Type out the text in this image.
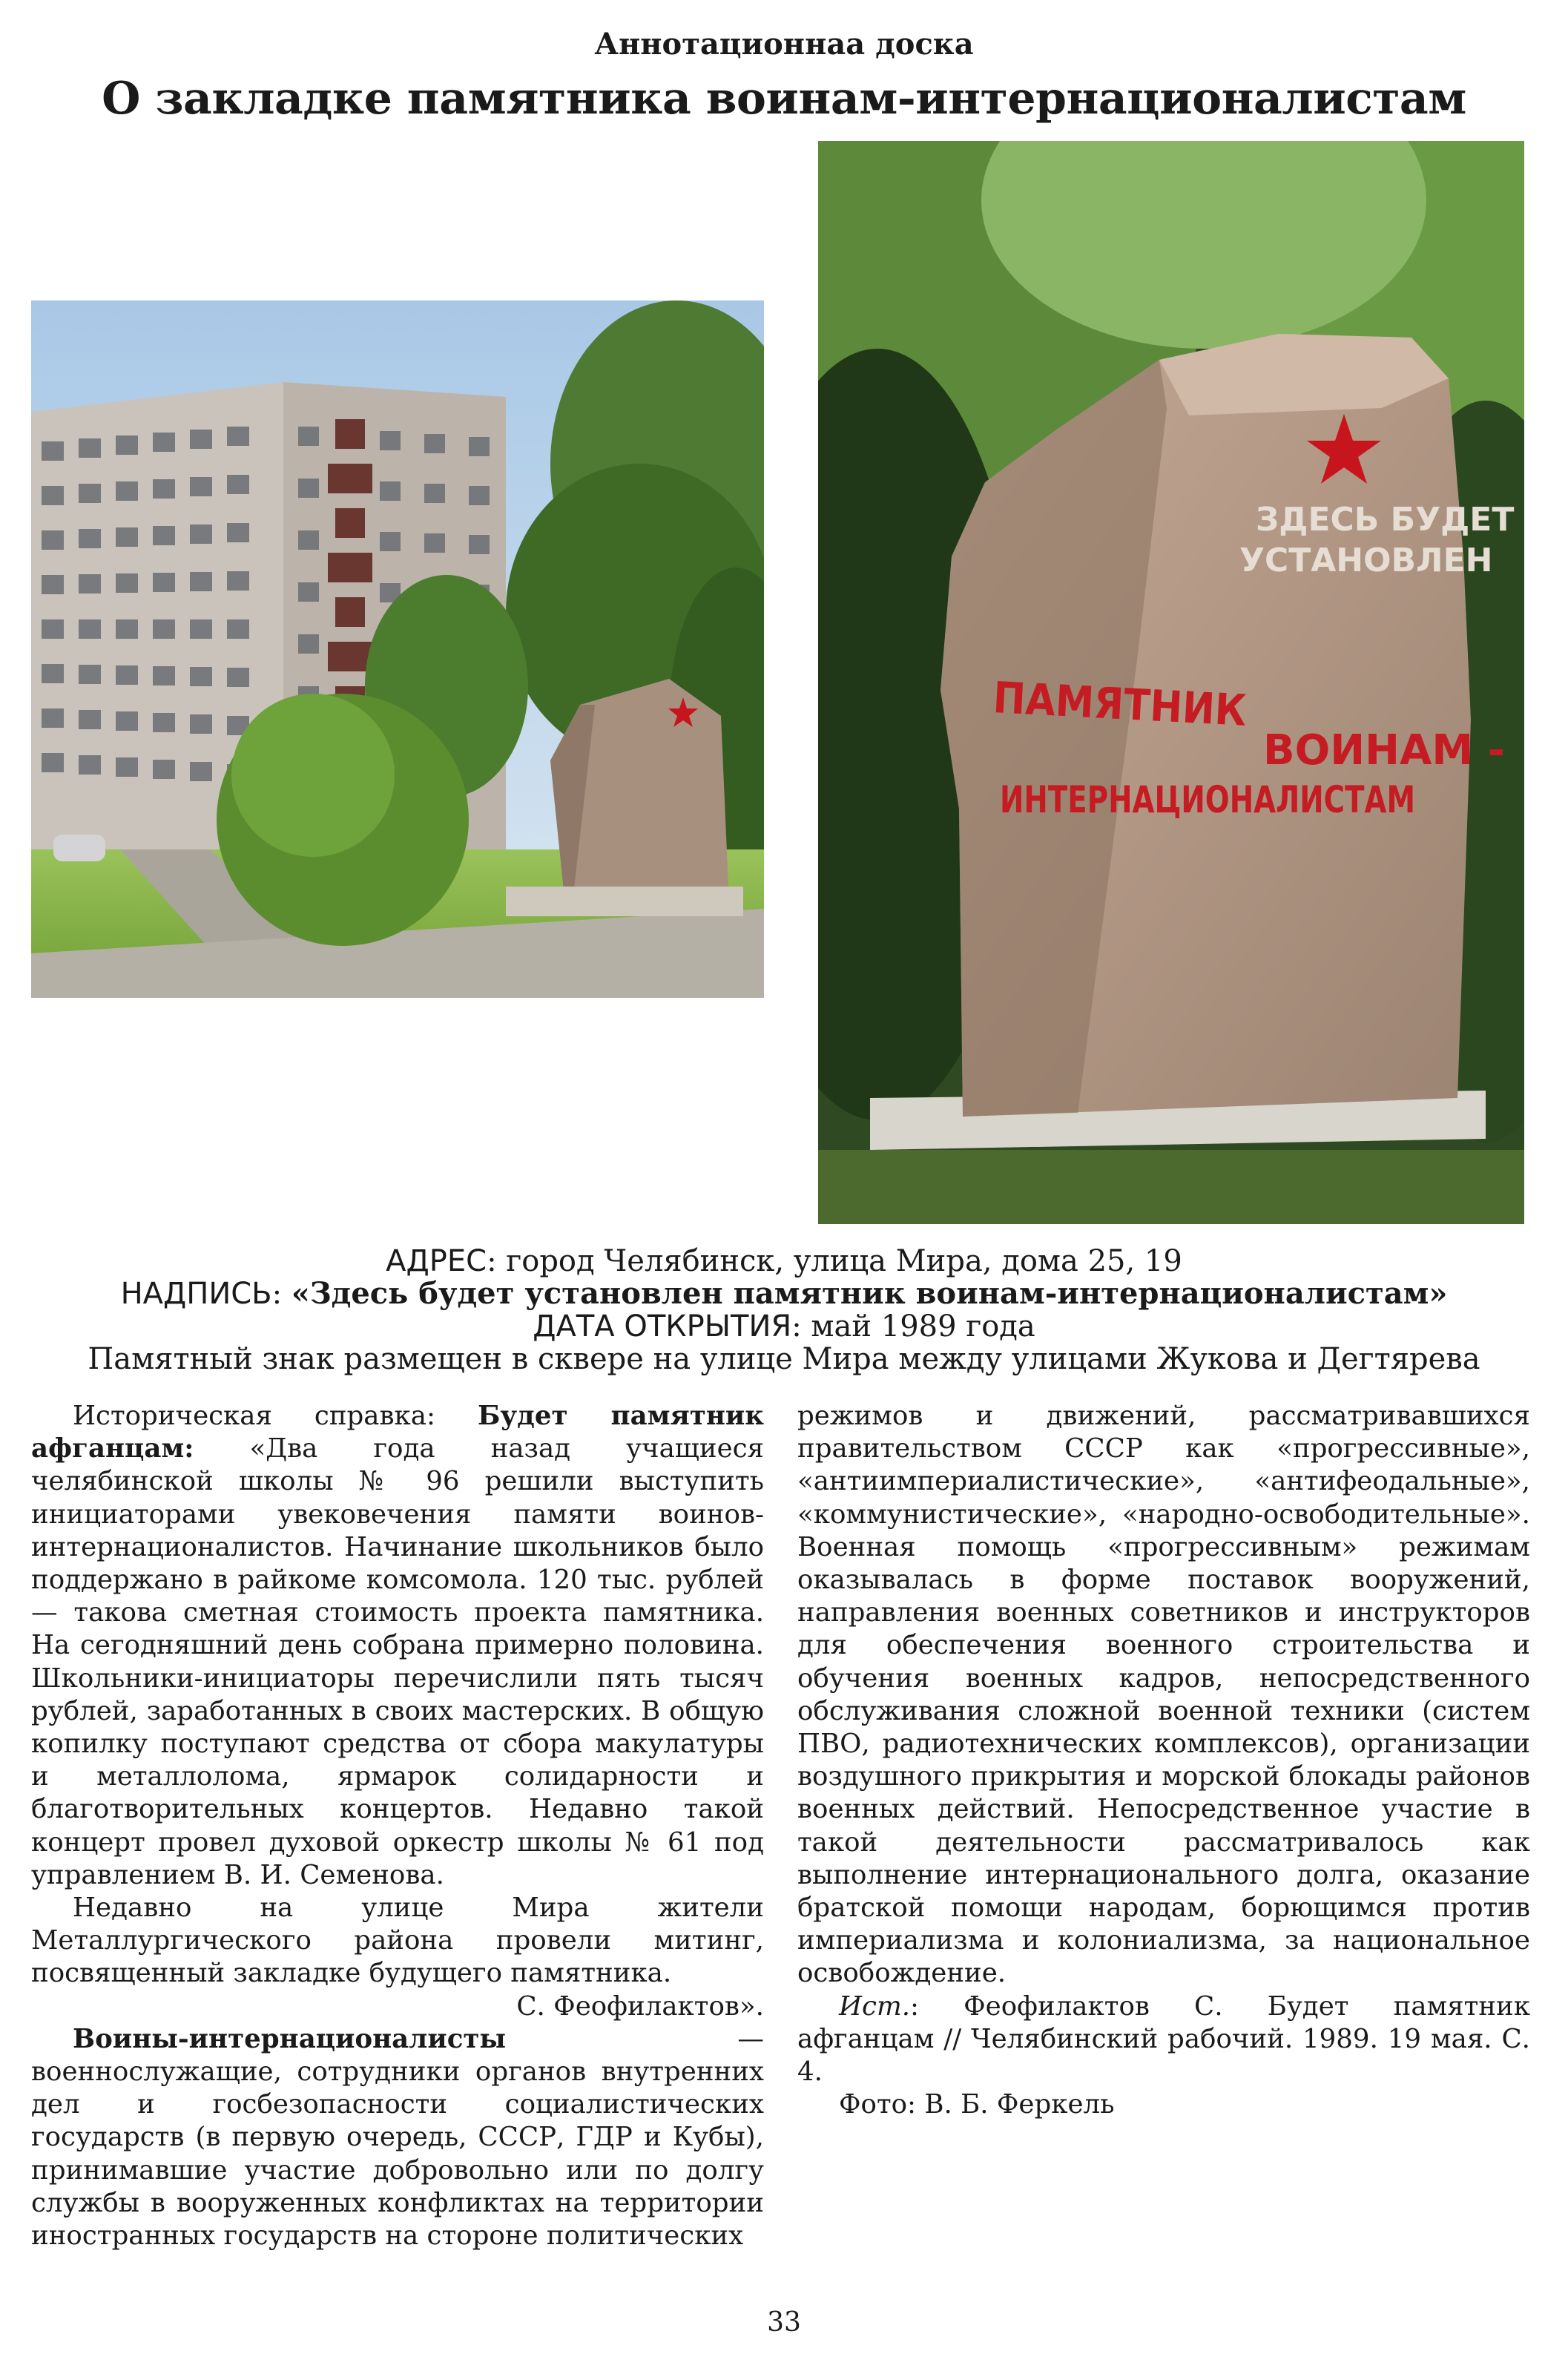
Аннотационнаа доска
О закладке памятника воинам-интернационалистам
ЗДЕСЬ БУДЕТ
УСТАНОВЛЕН
ПАМЯТНИК
ВОИНАМ -
ИНТЕРНАЦИОНАЛИСТАМ
АДРЕС: город Челябинск, улица Мира, дома 25, 19
НАДПИСЬ: «Здесь будет установлен памятник воинам-интернационалистам»
ДАТА ОТКРЫТИЯ: май 1989 года
Памятный знак размещен в сквере на улице Мира между улицами Жукова и Дегтярева

Историческая справка: Будет памятник афганцам: «Два года назад учащиеся челябинской школы № 96 решили выступить инициаторами увековечения памяти воинов-интернационалистов. Начинание школьников было поддержано в райкоме комсомола. 120 тыс. рублей — такова сметная стоимость проекта памятника. На сегодняшний день собрана примерно половина. Школьники-инициаторы перечислили пять тысяч рублей, заработанных в своих мастерских. В общую копилку поступают средства от сбора макулатуры и металлолома, ярмарок солидарности и благотворительных концертов. Недавно такой концерт провел духовой оркестр школы № 61 под управлением В. И. Семенова.

Недавно на улице Мира жители Металлургического района провели митинг, посвященный закладке будущего памятника.

С. Феофилактов».

Воины-интернационалисты — военнослужащие, сотрудники органов внутренних дел и госбезопасности социалистических государств (в первую очередь, СССР, ГДР и Кубы), принимавшие участие добровольно или по долгу службы в вооруженных конфликтах на территории иностранных государств на стороне политических

режимов и движений, рассматривавшихся правительством СССР как «прогрессивные», «антиимпериалистические», «антифеодальные», «коммунистические», «народно-освободительные». Военная помощь «прогрессивным» режимам оказывалась в форме поставок вооружений, направления военных советников и инструкторов для обеспечения военного строительства и обучения военных кадров, непосредственного обслуживания сложной военной техники (систем ПВО, радиотехнических комплексов), организации воздушного прикрытия и морской блокады районов военных действий. Непосредственное участие в такой деятельности рассматривалось как выполнение интернационального долга, оказание братской помощи народам, борющимся против империализма и колониализма, за национальное освобождение.

Ист.: Феофилактов С. Будет памятник афганцам // Челябинский рабочий. 1989. 19 мая. С. 4.

Фото: В. Б. Феркель

33
